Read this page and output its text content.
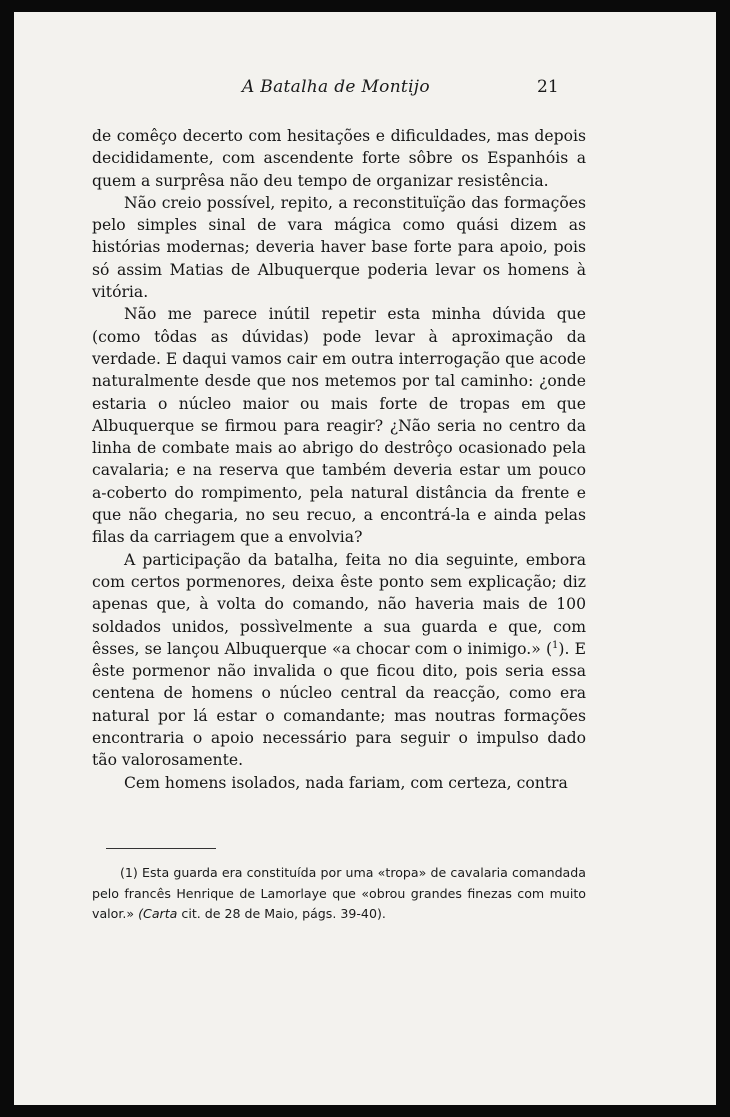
A Batalha de Montijo	21

de comêço decerto com hesitações e dificuldades, mas depois decididamente, com ascendente forte sôbre os Espanhóis a quem a surprêsa não deu tempo de organizar resistência.

Não creio possível, repito, a reconstituïção das formações pelo simples sinal de vara mágica como quási dizem as histórias modernas; deveria haver base forte para apoio, pois só assim Matias de Albuquerque poderia levar os homens à vitória.

Não me parece inútil repetir esta minha dúvida que (como tôdas as dúvidas) pode levar à aproximação da verdade. E daqui vamos cair em outra interrogação que acode naturalmente desde que nos metemos por tal caminho: ¿onde estaria o núcleo maior ou mais forte de tropas em que Albuquerque se firmou para reagir? ¿Não seria no centro da linha de combate mais ao abrigo do destrôço ocasionado pela cavalaria; e na reserva que também deveria estar um pouco a-coberto do rompimento, pela natural distância da frente e que não chegaria, no seu recuo, a encontrá-la e ainda pelas filas da carriagem que a envolvia?

A participação da batalha, feita no dia seguinte, embora com certos pormenores, deixa êste ponto sem explicação; diz apenas que, à volta do comando, não haveria mais de 100 soldados unidos, possìvelmente a sua guarda e que, com êsses, se lançou Albuquerque «a chocar com o inimigo.» ($^1$). E êste pormenor não invalida o que ficou dito, pois seria essa centena de homens o núcleo central da reacção, como era natural por lá estar o comandante; mas noutras formações encontraria o apoio necessário para seguir o impulso dado tão valorosamente.

Cem homens isolados, nada fariam, com certeza, contra

(1) Esta guarda era constituída por uma «tropa» de cavalaria comandada pelo francês Henrique de Lamorlaye que «obrou grandes finezas com muito valor.» (Carta cit. de 28 de Maio, págs. 39-40).
